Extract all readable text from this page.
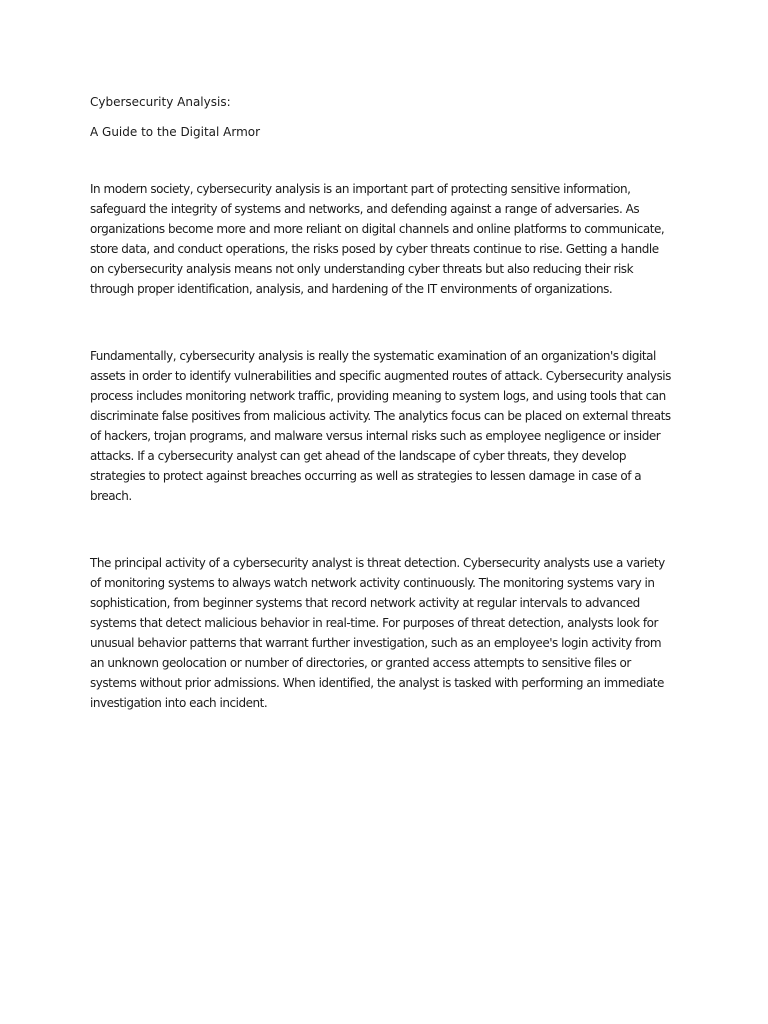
Cybersecurity Analysis:

A Guide to the Digital Armor

In modern society, cybersecurity analysis is an important part of protecting sensitive information,

safeguard the integrity of systems and networks, and defending against a range of adversaries. As

organizations become more and more reliant on digital channels and online platforms to communicate,

store data, and conduct operations, the risks posed by cyber threats continue to rise. Getting a handle

on cybersecurity analysis means not only understanding cyber threats but also reducing their risk

through proper identification, analysis, and hardening of the IT environments of organizations.

Fundamentally, cybersecurity analysis is really the systematic examination of an organization's digital

assets in order to identify vulnerabilities and specific augmented routes of attack. Cybersecurity analysis

process includes monitoring network traffic, providing meaning to system logs, and using tools that can

discriminate false positives from malicious activity. The analytics focus can be placed on external threats

of hackers, trojan programs, and malware versus internal risks such as employee negligence or insider

attacks. If a cybersecurity analyst can get ahead of the landscape of cyber threats, they develop

strategies to protect against breaches occurring as well as strategies to lessen damage in case of a

breach.

The principal activity of a cybersecurity analyst is threat detection. Cybersecurity analysts use a variety

of monitoring systems to always watch network activity continuously. The monitoring systems vary in

sophistication, from beginner systems that record network activity at regular intervals to advanced

systems that detect malicious behavior in real-time. For purposes of threat detection, analysts look for

unusual behavior patterns that warrant further investigation, such as an employee's login activity from

an unknown geolocation or number of directories, or granted access attempts to sensitive files or

systems without prior admissions. When identified, the analyst is tasked with performing an immediate

investigation into each incident.
